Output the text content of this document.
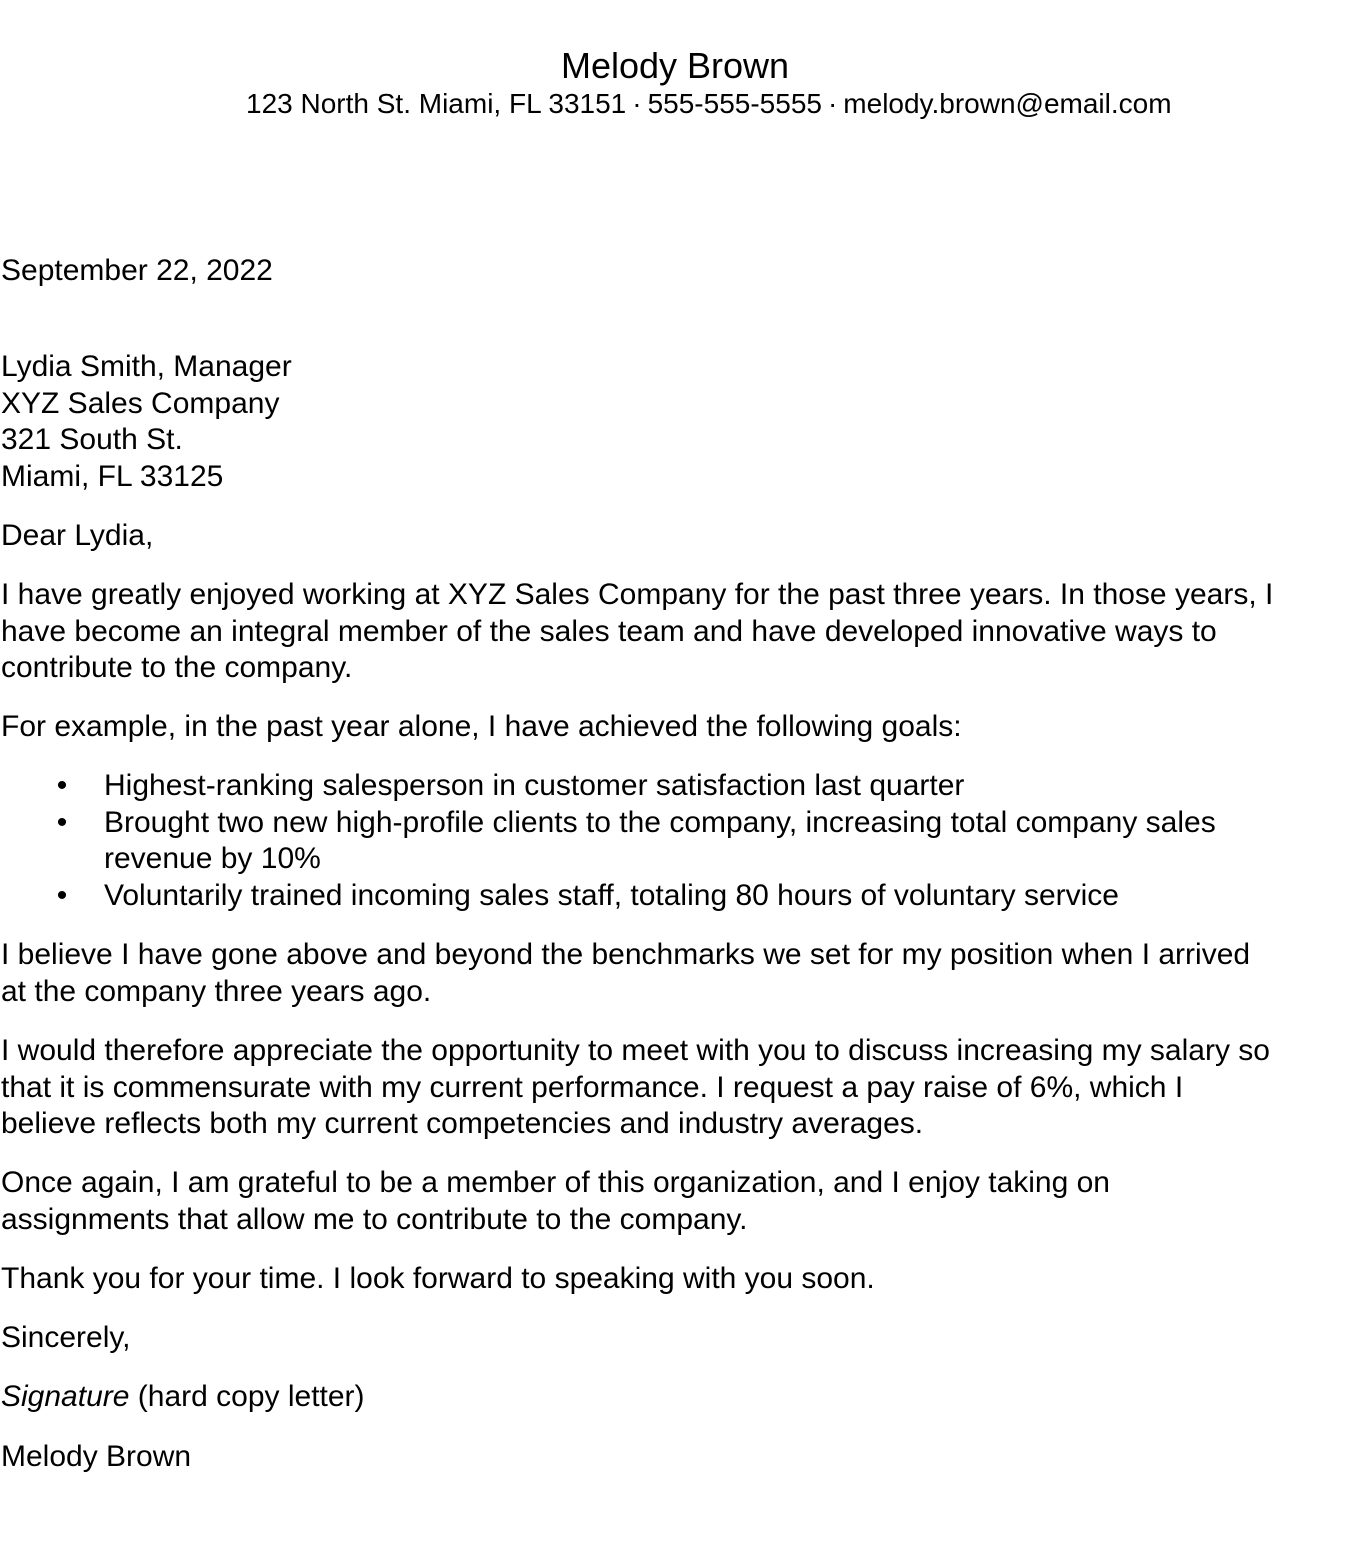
Melody Brown
123 North St. Miami, FL 33151 · 555-555-5555 · melody.brown@email.com
September 22, 2022
Lydia Smith, Manager
XYZ Sales Company
321 South St.
Miami, FL 33125
Dear Lydia,
I have greatly enjoyed working at XYZ Sales Company for the past three years. In those years, I
have become an integral member of the sales team and have developed innovative ways to
contribute to the company.
For example, in the past year alone, I have achieved the following goals:
• Highest-ranking salesperson in customer satisfaction last quarter
• Brought two new high-profile clients to the company, increasing total company sales
revenue by 10%
• Voluntarily trained incoming sales staff, totaling 80 hours of voluntary service
I believe I have gone above and beyond the benchmarks we set for my position when I arrived
at the company three years ago.
I would therefore appreciate the opportunity to meet with you to discuss increasing my salary so
that it is commensurate with my current performance. I request a pay raise of 6%, which I
believe reflects both my current competencies and industry averages.
Once again, I am grateful to be a member of this organization, and I enjoy taking on
assignments that allow me to contribute to the company.
Thank you for your time. I look forward to speaking with you soon.
Sincerely,
Signature (hard copy letter)
Melody Brown
